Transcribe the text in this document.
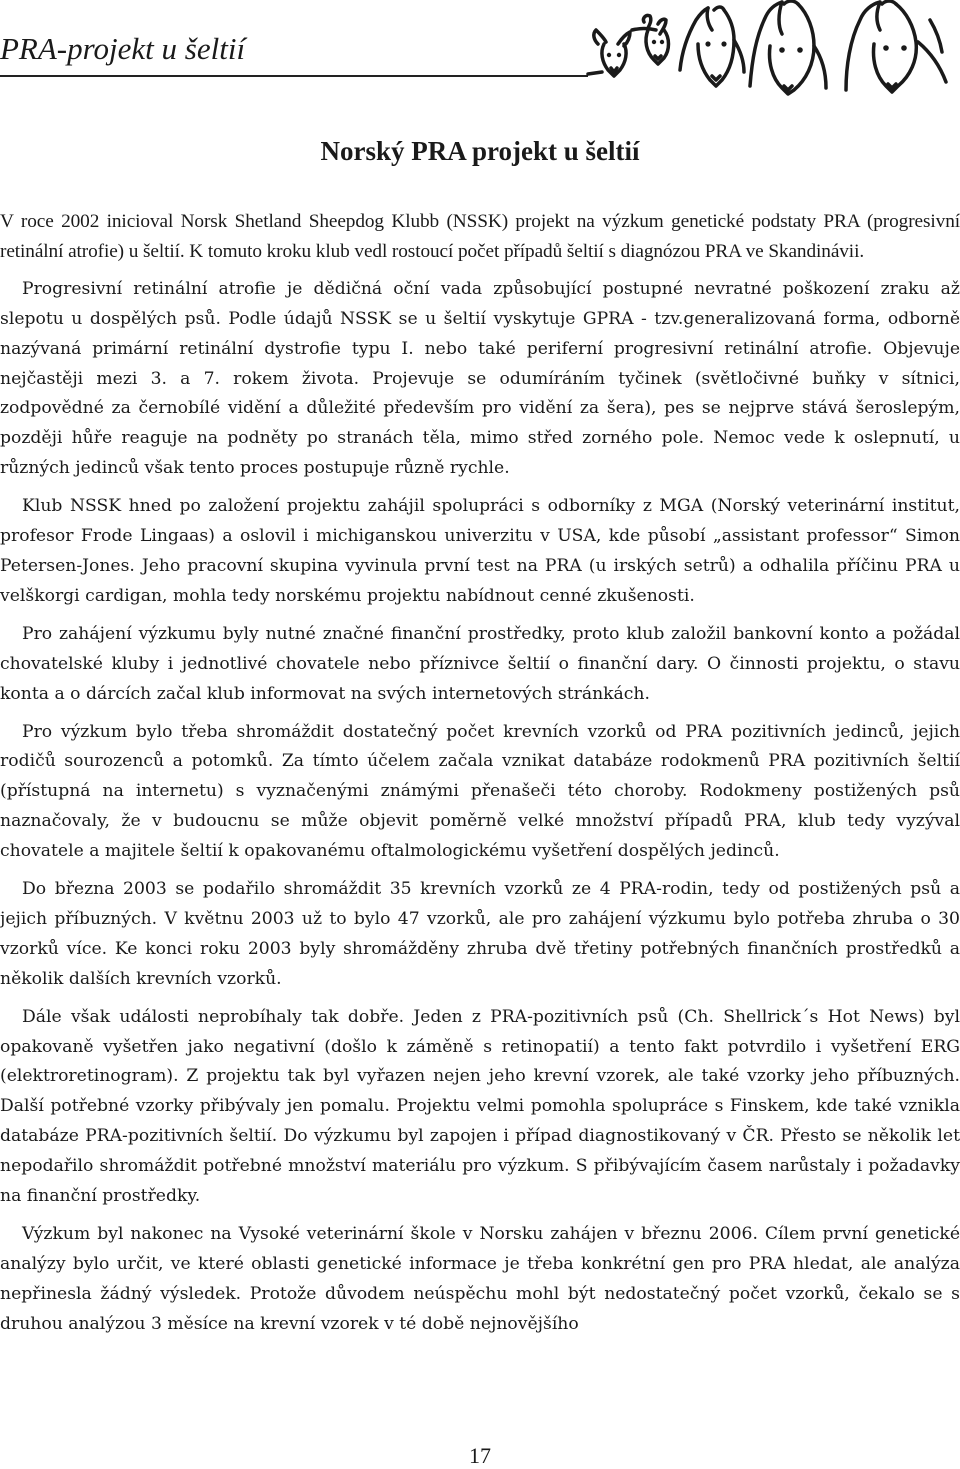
PRA-projekt u šeltií
Norský PRA projekt u šeltií

V roce 2002 inicioval Norsk Shetland Sheepdog Klubb (NSSK) projekt na výzkum genetické podstaty PRA (progresivní retinální atrofie) u šeltií. K tomuto kroku klub vedl rostoucí počet případů šeltií s diagnózou PRA ve Skandinávii.

Progresivní retinální atrofie je dědičná oční vada způsobující postupné nevratné poškození zraku až slepotu u dospělých psů. Podle údajů NSSK se u šeltií vyskytuje GPRA - tzv.generalizovaná forma, odborně nazývaná primární retinální dystrofie typu I. nebo také periferní progresivní retinální atrofie. Objevuje nejčastěji mezi 3. a 7. rokem života. Projevuje se odumíráním tyčinek (světločivné buňky v sítnici, zodpovědné za černobílé vidění a důležité především pro vidění za šera), pes se nejprve stává šeroslepým, později hůře reaguje na podněty po stranách těla, mimo střed zorného pole. Nemoc vede k oslepnutí, u různých jedinců však tento proces postupuje různě rychle.

Klub NSSK hned po založení projektu zahájil spolupráci s odborníky z MGA (Norský veterinární institut, profesor Frode Lingaas) a oslovil i michiganskou univerzitu v USA, kde působí „assistant professor“ Simon Petersen-Jones. Jeho pracovní skupina vyvinula první test na PRA (u irských setrů) a odhalila příčinu PRA u velškorgi cardigan, mohla tedy norskému projektu nabídnout cenné zkušenosti.

Pro zahájení výzkumu byly nutné značné finanční prostředky, proto klub založil bankovní konto a požádal chovatelské kluby i jednotlivé chovatele nebo příznivce šeltií o finanční dary. O činnosti projektu, o stavu konta a o dárcích začal klub informovat na svých internetových stránkách.

Pro výzkum bylo třeba shromáždit dostatečný počet krevních vzorků od PRA pozitivních jedinců, jejich rodičů sourozenců a potomků. Za tímto účelem začala vznikat databáze rodokmenů PRA pozitivních šeltií (přístupná na internetu) s vyznačenými známými přenašeči této choroby. Rodokmeny postižených psů naznačovaly, že v budoucnu se může objevit poměrně velké množství případů PRA, klub tedy vyzýval chovatele a majitele šeltií k opakovanému oftalmologickému vyšetření dospělých jedinců.

Do března 2003 se podařilo shromáždit 35 krevních vzorků ze 4 PRA-rodin, tedy od postižených psů a jejich příbuzných. V květnu 2003 už to bylo 47 vzorků, ale pro zahájení výzkumu bylo potřeba zhruba o 30 vzorků více. Ke konci roku 2003 byly shromážděny zhruba dvě třetiny potřebných finančních prostředků a několik dalších krevních vzorků.

Dále však události neprobíhaly tak dobře. Jeden z PRA-pozitivních psů (Ch. Shellrick´s Hot News) byl opakovaně vyšetřen jako negativní (došlo k záměně s retinopatií) a tento fakt potvrdilo i vyšetření ERG (elektroretinogram). Z projektu tak byl vyřazen nejen jeho krevní vzorek, ale také vzorky jeho příbuzných. Další potřebné vzorky přibývaly jen pomalu. Projektu velmi pomohla spolupráce s Finskem, kde také vznikla databáze PRA-pozitivních šeltií. Do výzkumu byl zapojen i případ diagnostikovaný v ČR. Přesto se několik let nepodařilo shromáždit potřebné množství materiálu pro výzkum. S přibývajícím časem narůstaly i požadavky na finanční prostředky.

Výzkum byl nakonec na Vysoké veterinární škole v Norsku zahájen v březnu 2006. Cílem první genetické analýzy bylo určit, ve které oblasti genetické informace je třeba konkrétní gen pro PRA hledat, ale analýza nepřinesla žádný výsledek. Protože důvodem neúspěchu mohl být nedostatečný počet vzorků, čekalo se s druhou analýzou 3 měsíce na krevní vzorek v té době nejnovějšího

17
